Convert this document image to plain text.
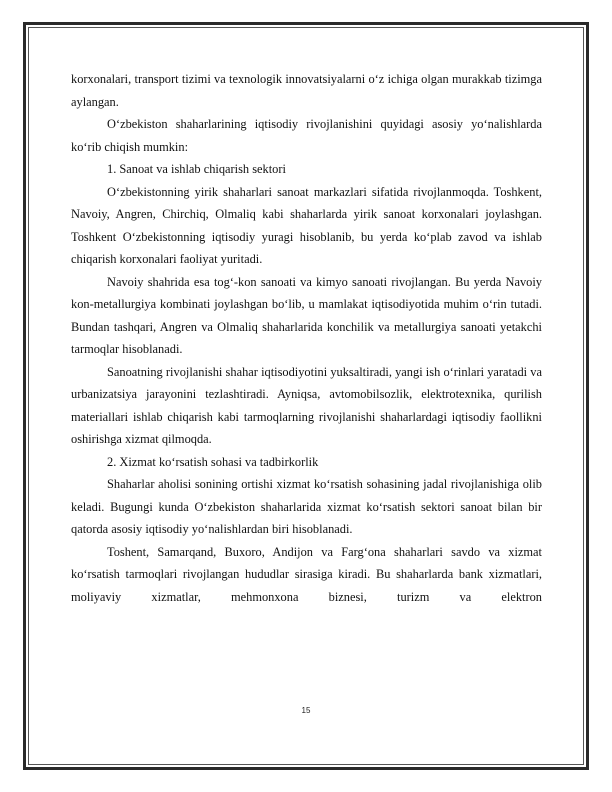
korxonalari, transport tizimi va texnologik innovatsiyalarni o‘z ichiga olgan murakkab tizimga aylangan.

O‘zbekiston shaharlarining iqtisodiy rivojlanishini quyidagi asosiy yo‘nalishlarda ko‘rib chiqish mumkin:

1. Sanoat va ishlab chiqarish sektori

O‘zbekistonning yirik shaharlari sanoat markazlari sifatida rivojlanmoqda. Toshkent, Navoiy, Angren, Chirchiq, Olmaliq kabi shaharlarda yirik sanoat korxonalari joylashgan. Toshkent O‘zbekistonning iqtisodiy yuragi hisoblanib, bu yerda ko‘plab zavod va ishlab chiqarish korxonalari faoliyat yuritadi.

Navoiy shahrida esa tog‘-kon sanoati va kimyo sanoati rivojlangan. Bu yerda Navoiy kon-metallurgiya kombinati joylashgan bo‘lib, u mamlakat iqtisodiyotida muhim o‘rin tutadi. Bundan tashqari, Angren va Olmaliq shaharlarida konchilik va metallurgiya sanoati yetakchi tarmoqlar hisoblanadi.

Sanoatning rivojlanishi shahar iqtisodiyotini yuksaltiradi, yangi ish o‘rinlari yaratadi va urbanizatsiya jarayonini tezlashtiradi. Ayniqsa, avtomobilsozlik, elektrotexnika, qurilish materiallari ishlab chiqarish kabi tarmoqlarning rivojlanishi shaharlardagi iqtisodiy faollikni oshirishga xizmat qilmoqda.

2. Xizmat ko‘rsatish sohasi va tadbirkorlik

Shaharlar aholisi sonining ortishi xizmat ko‘rsatish sohasining jadal rivojlanishiga olib keladi. Bugungi kunda O‘zbekiston shaharlarida xizmat ko‘rsatish sektori sanoat bilan bir qatorda asosiy iqtisodiy yo‘nalishlardan biri hisoblanadi.

Toshent, Samarqand, Buxoro, Andijon va Farg‘ona shaharlari savdo va xizmat ko‘rsatish tarmoqlari rivojlangan hududlar sirasiga kiradi. Bu shaharlarda bank xizmatlari, moliyaviy xizmatlar, mehmonxona biznesi, turizm va elektron

15
